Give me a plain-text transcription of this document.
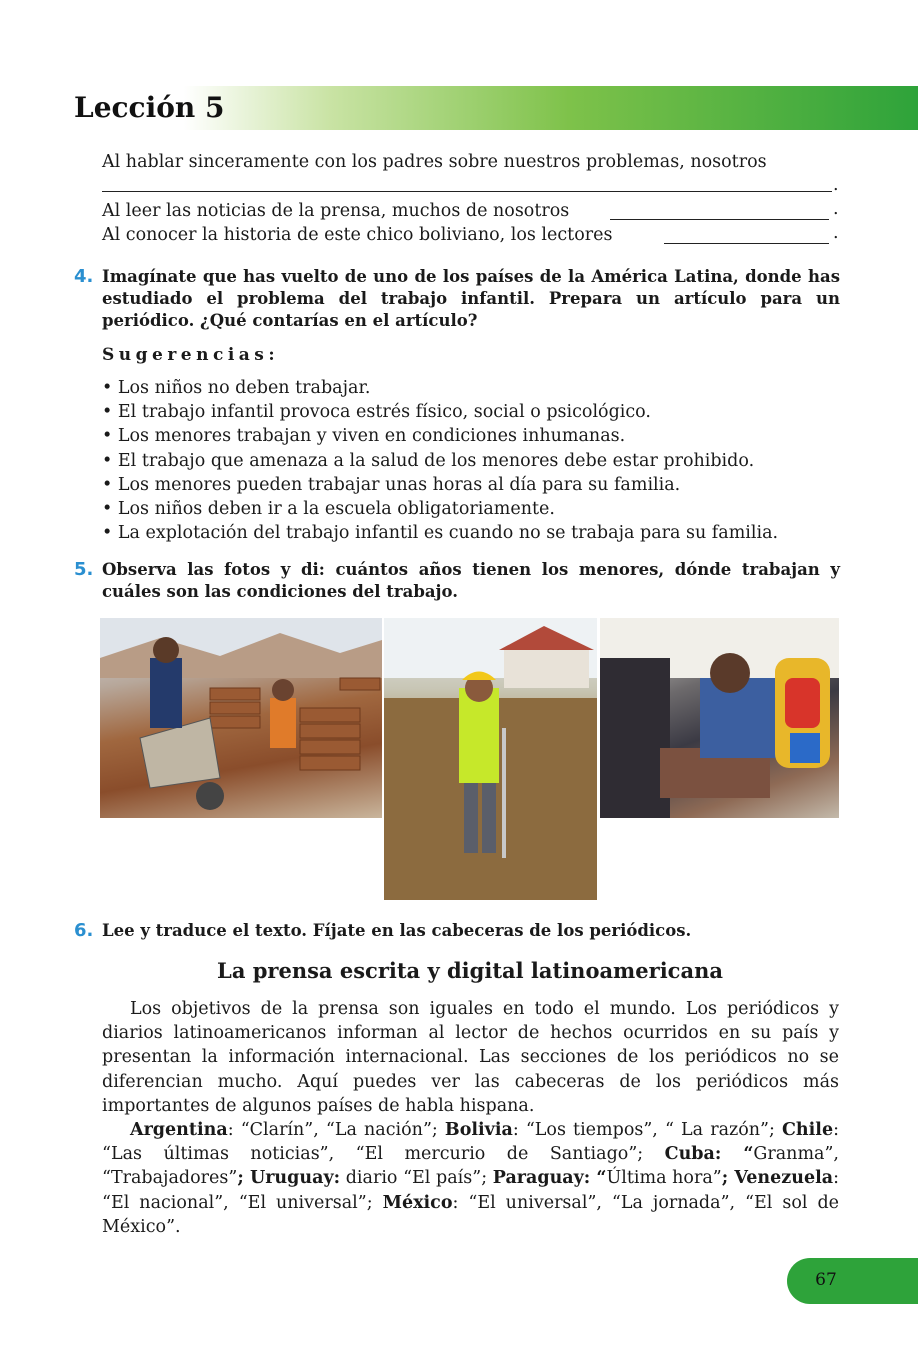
Lección 5
Al hablar sinceramente con los padres sobre nuestros problemas, nosotros
.
Al leer las noticias de la prensa, muchos de nosotros	.
Al conocer la historia de este chico boliviano, los lectores	.
4. Imagínate que has vuelto de uno de los países de la América Latina, donde has estudiado el problema del trabajo infantil. Prepara un artículo para un periódico. ¿Qué contarías en el artículo?
Sugerencias:
• Los niños no deben trabajar.
• El trabajo infantil provoca estrés físico, social o psicológico.
• Los menores trabajan y viven en condiciones inhumanas.
• El trabajo que amenaza a la salud de los menores debe estar prohibido.
• Los menores pueden trabajar unas horas al día para su familia.
• Los niños deben ir a la escuela obligatoriamente.
• La explotación del trabajo infantil es cuando no se trabaja para su familia.
5. Observa las fotos y di: cuántos años tienen los menores, dónde trabajan y cuáles son las condiciones del trabajo.
6. Lee y traduce el texto. Fíjate en las cabeceras de los periódicos.
La prensa escrita y digital latinoamericana

Los objetivos de la prensa son iguales en todo el mundo. Los periódicos y diarios latinoamericanos informan al lector de hechos ocurridos en su país y presentan la información internacional. Las secciones de los periódicos no se diferencian mucho. Aquí puedes ver las cabeceras de los periódicos más importantes de algunos países de habla hispana.

Argentina: “Clarín”, “La nación”; Bolivia: “Los tiempos”, “ La razón”; Chile: “Las últimas noticias”, “El mercurio de Santiago”; Cuba: “Granma”, “Trabajadores”; Uruguay: diario “El país”; Paraguay: “Última hora”; Venezuela: “El nacional”, “El universal”; México: “El universal”, “La jornada”, “El sol de México”.

67
